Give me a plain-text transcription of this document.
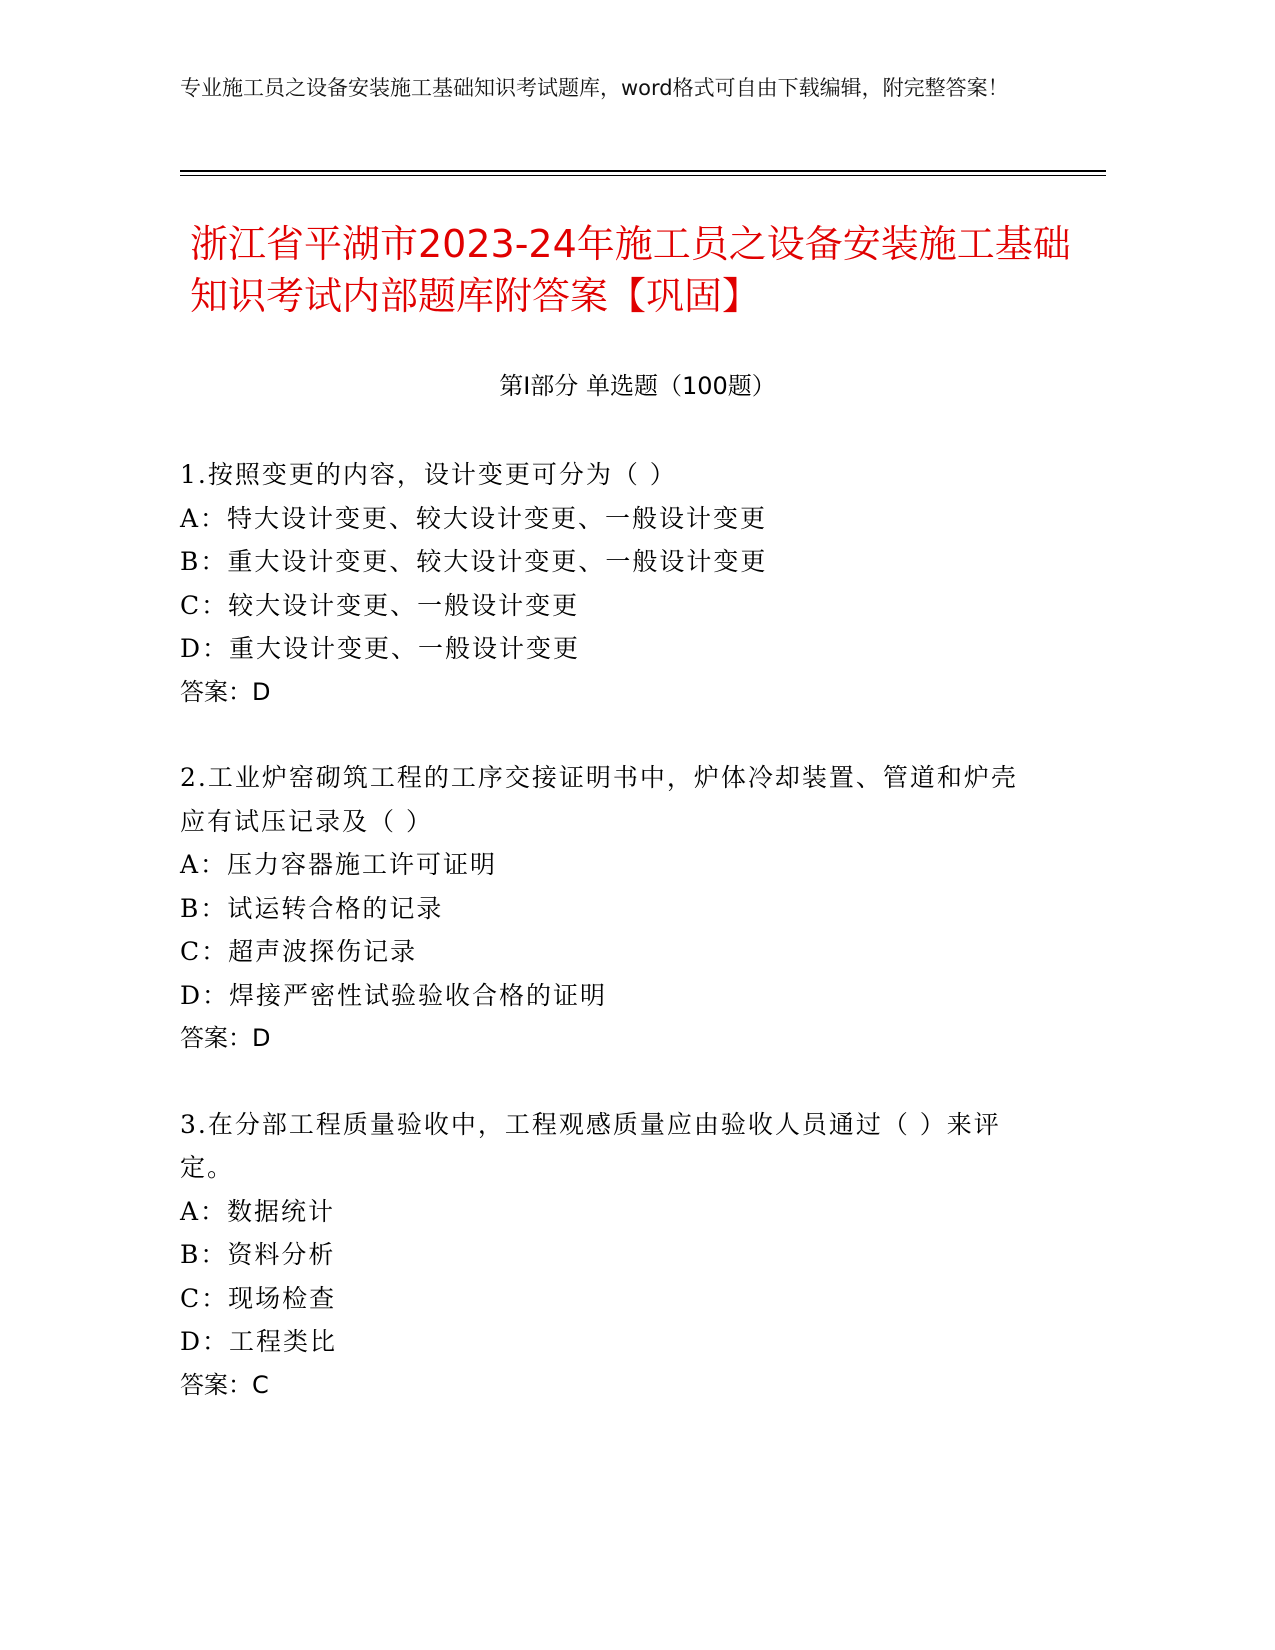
专业施工员之设备安装施工基础知识考试题库，word格式可自由下载编辑，附完整答案！
浙江省平湖市2023-24年施工员之设备安装施工基础知识考试内部题库附答案【巩固】
第I部分 单选题（100题）

1.按照变更的内容，设计变更可分为（ ）

A：特大设计变更、较大设计变更、一般设计变更

B：重大设计变更、较大设计变更、一般设计变更

C：较大设计变更、一般设计变更

D：重大设计变更、一般设计变更

答案：D

2.工业炉窑砌筑工程的工序交接证明书中，炉体冷却装置、管道和炉壳应有试压记录及（ ）

A：压力容器施工许可证明

B：试运转合格的记录

C：超声波探伤记录

D：焊接严密性试验验收合格的证明

答案：D

3.在分部工程质量验收中，工程观感质量应由验收人员通过（ ）来评定。

A：数据统计

B：资料分析

C：现场检查

D：工程类比

答案：C
